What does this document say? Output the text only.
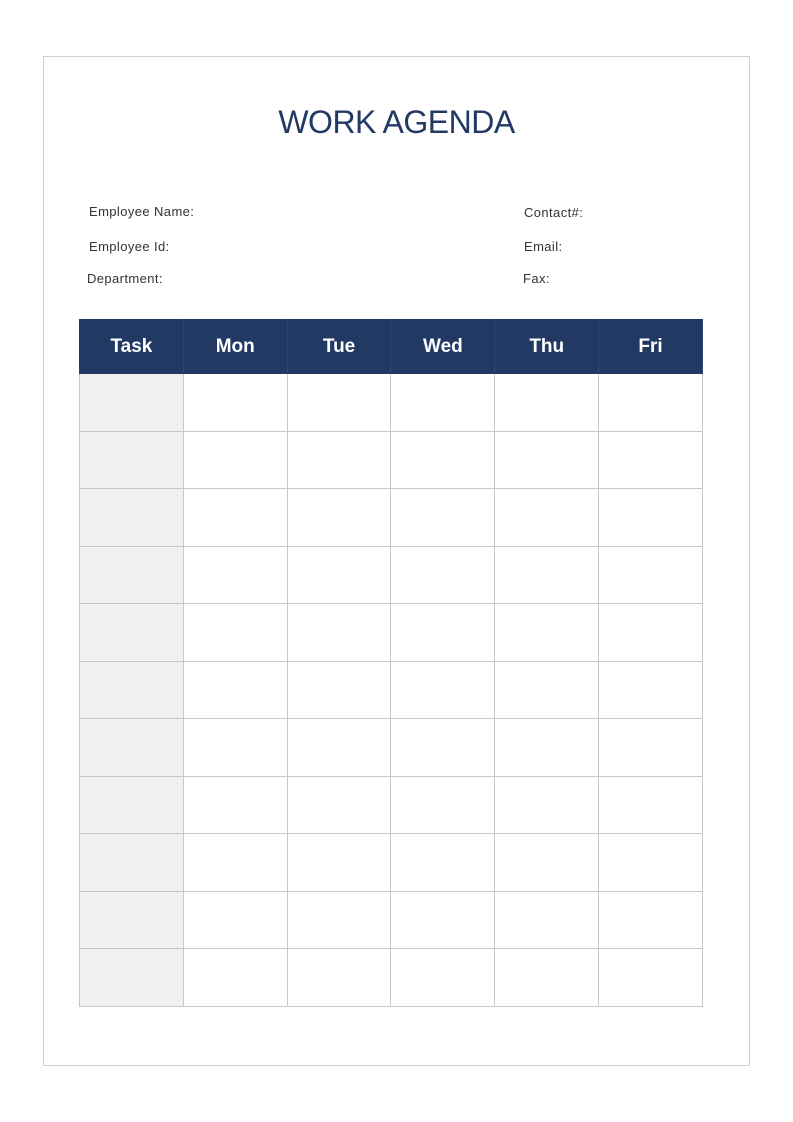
WORK AGENDA
Employee Name:
Employee Id:
Department:
Contact#:
Email:
Fax:
Task	Mon	Tue	Wed	Thu	Fri
